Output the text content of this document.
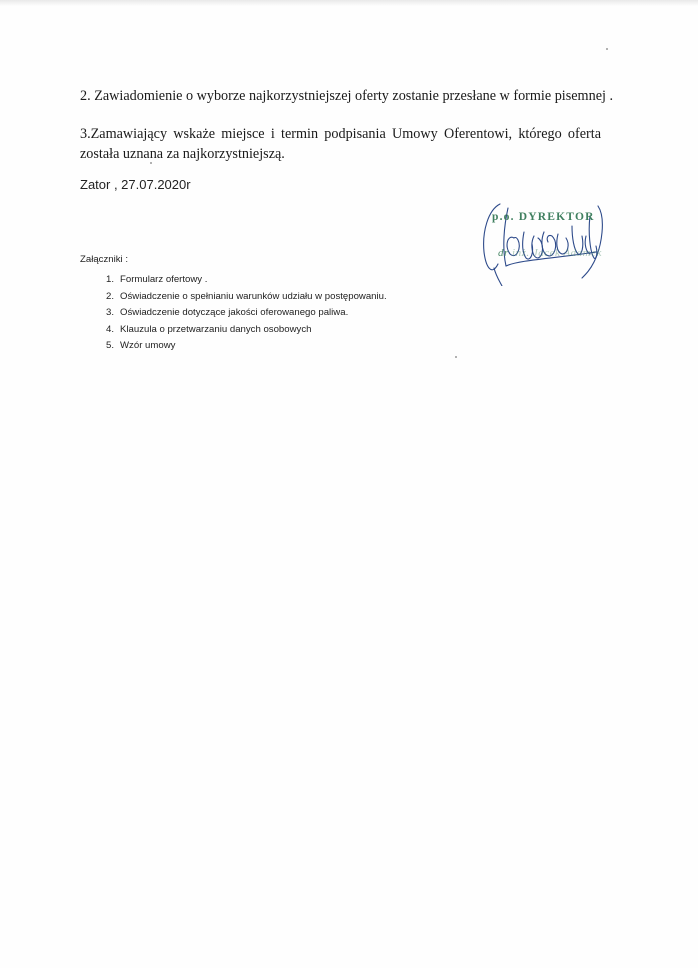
2. Zawiadomienie o wyborze najkorzystniejszej oferty zostanie przesłane w formie pisemnej .
3.Zamawiający wskaże miejsce i termin podpisania Umowy Oferentowi, którego oferta została uznana za najkorzystniejszą.
Zator , 27.07.2020r
p.o. DYREKTOR
dr inż. Jacek Adamek
Załączniki :
1. Formularz ofertowy .
2. Oświadczenie o spełnianiu warunków udziału w postępowaniu.
3. Oświadczenie dotyczące jakości oferowanego paliwa.
4. Klauzula o przetwarzaniu danych osobowych
5. Wzór umowy
